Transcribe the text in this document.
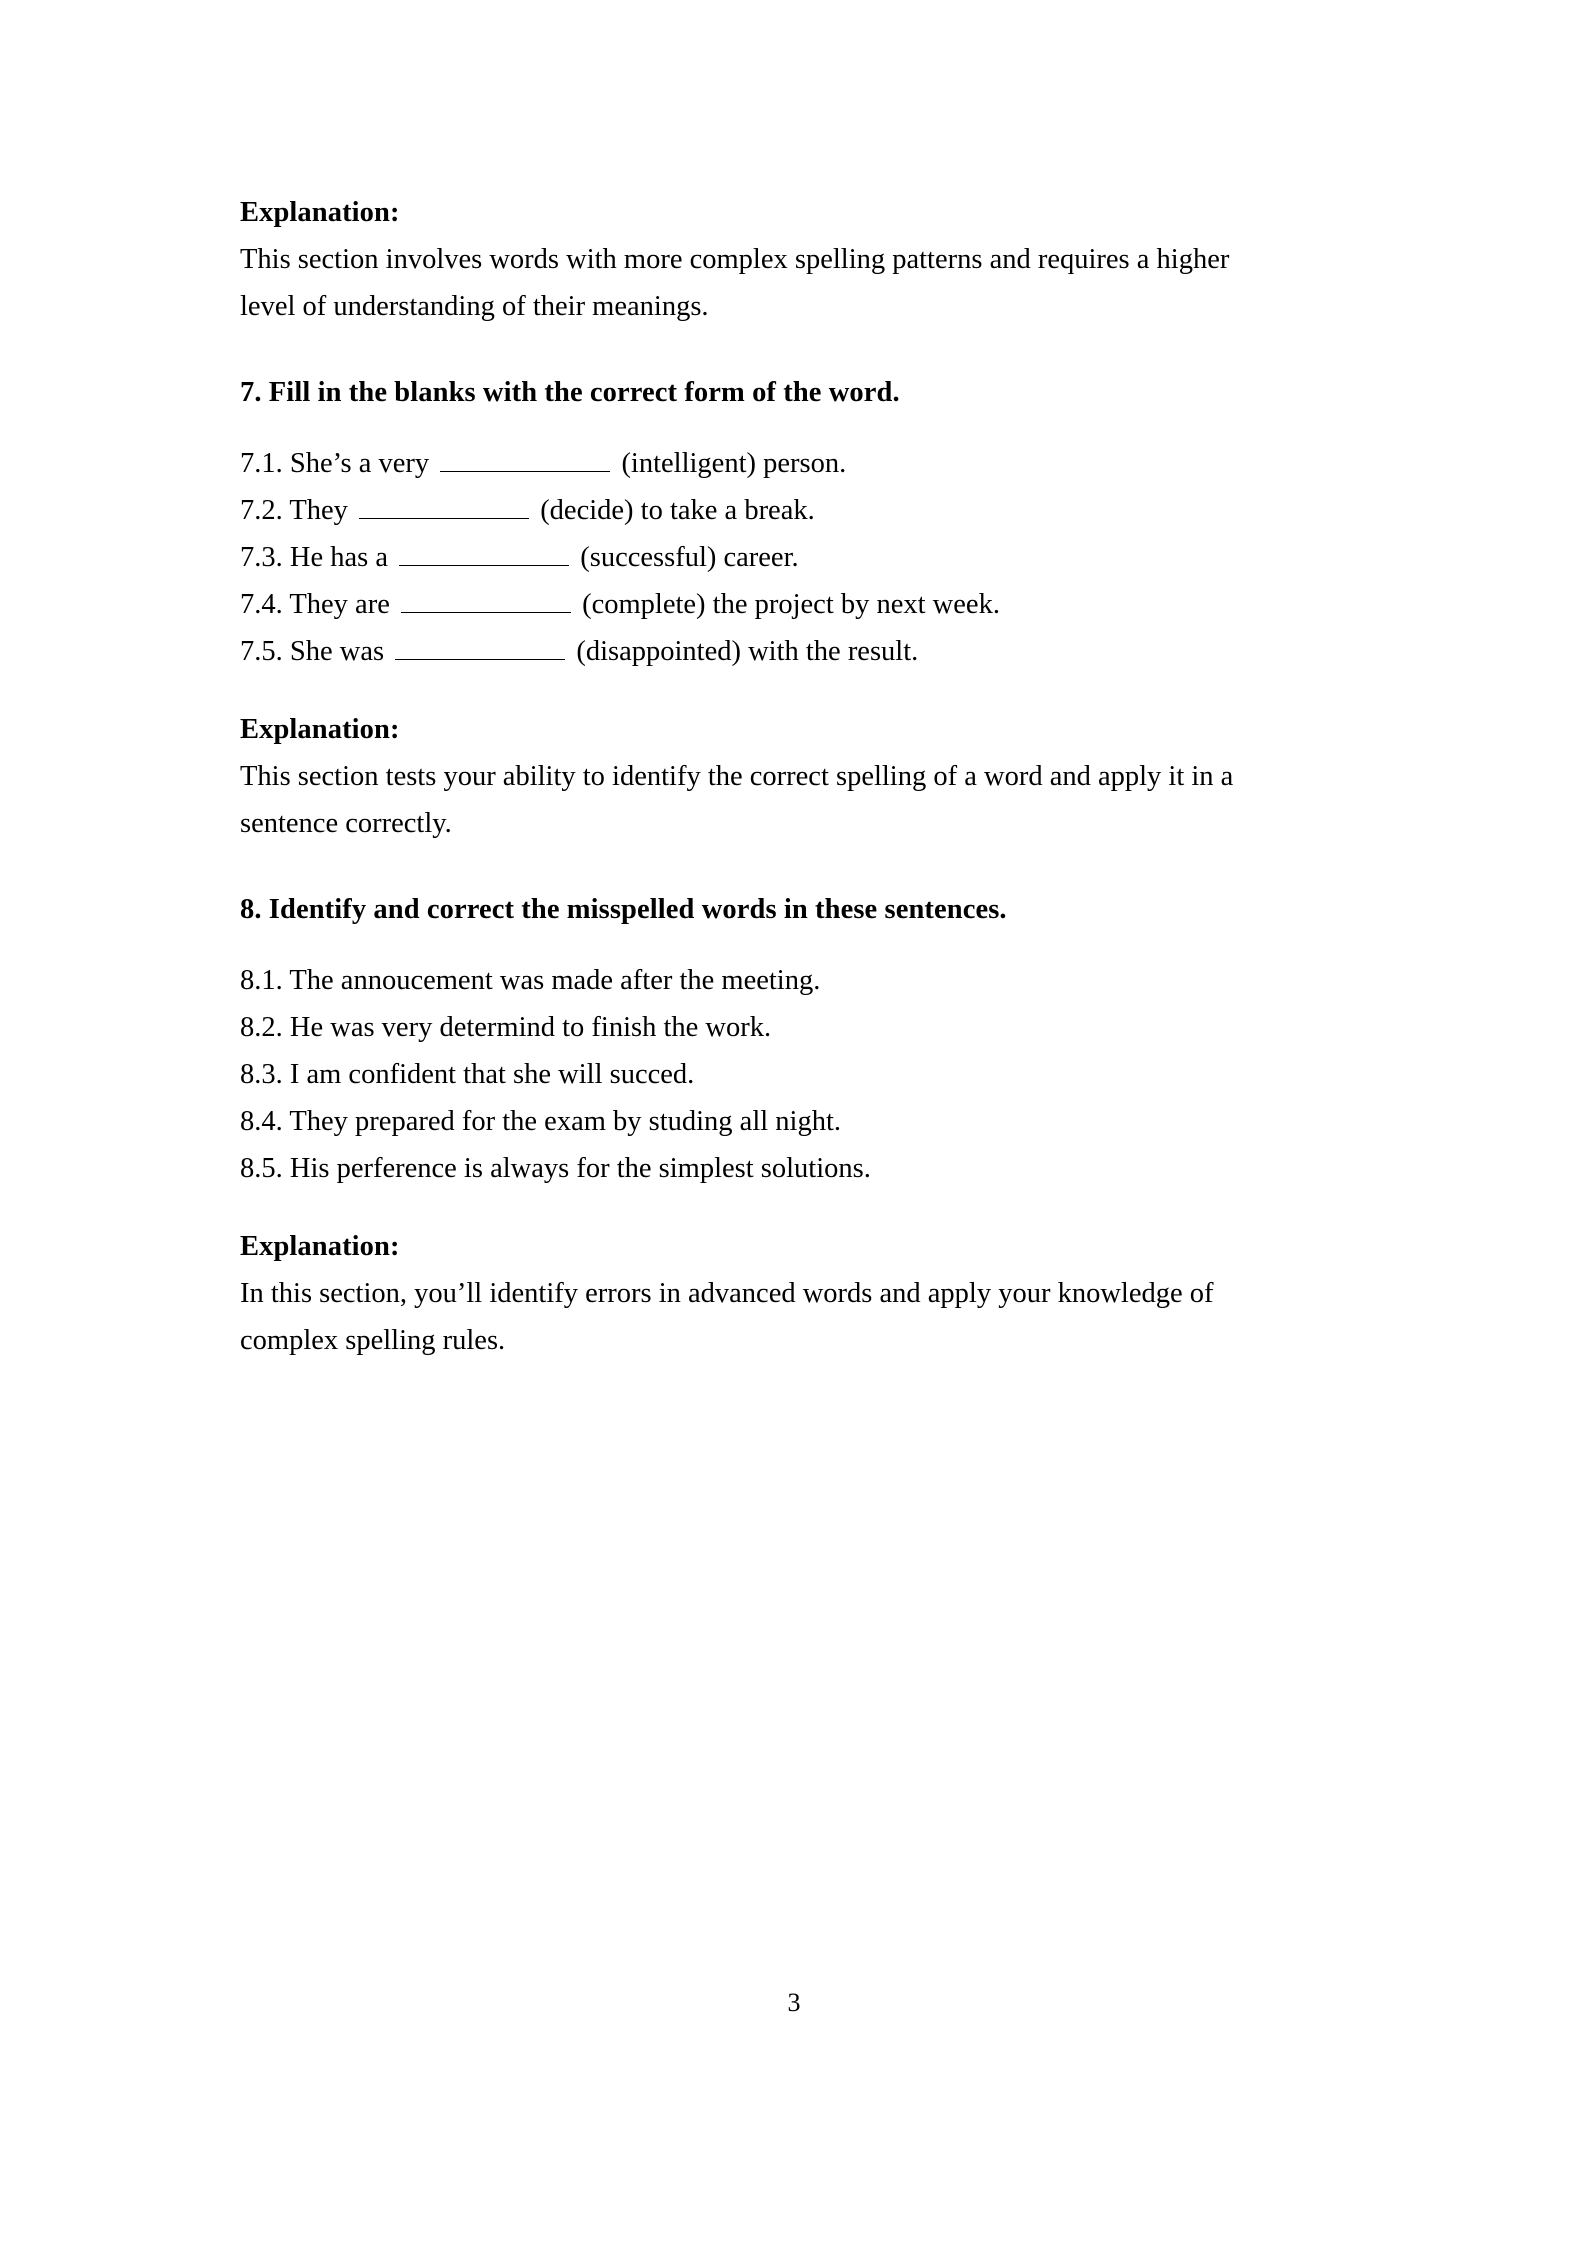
Explanation:

This section involves words with more complex spelling patterns and requires a higher level of understanding of their meanings.

7. Fill in the blanks with the correct form of the word.

7.1. She’s a very	(intelligent) person.
7.2. They	(decide) to take a break.
7.3. He has a	(successful) career.
7.4. They are	(complete) the project by next week.
7.5. She was	(disappointed) with the result.

Explanation:

This section tests your ability to identify the correct spelling of a word and apply it in a sentence correctly.

8. Identify and correct the misspelled words in these sentences.

8.1. The annoucement was made after the meeting.
8.2. He was very determind to finish the work.
8.3. I am confident that she will succed.
8.4. They prepared for the exam by studing all night.
8.5. His perference is always for the simplest solutions.

Explanation:

In this section, you’ll identify errors in advanced words and apply your knowledge of complex spelling rules.

3
